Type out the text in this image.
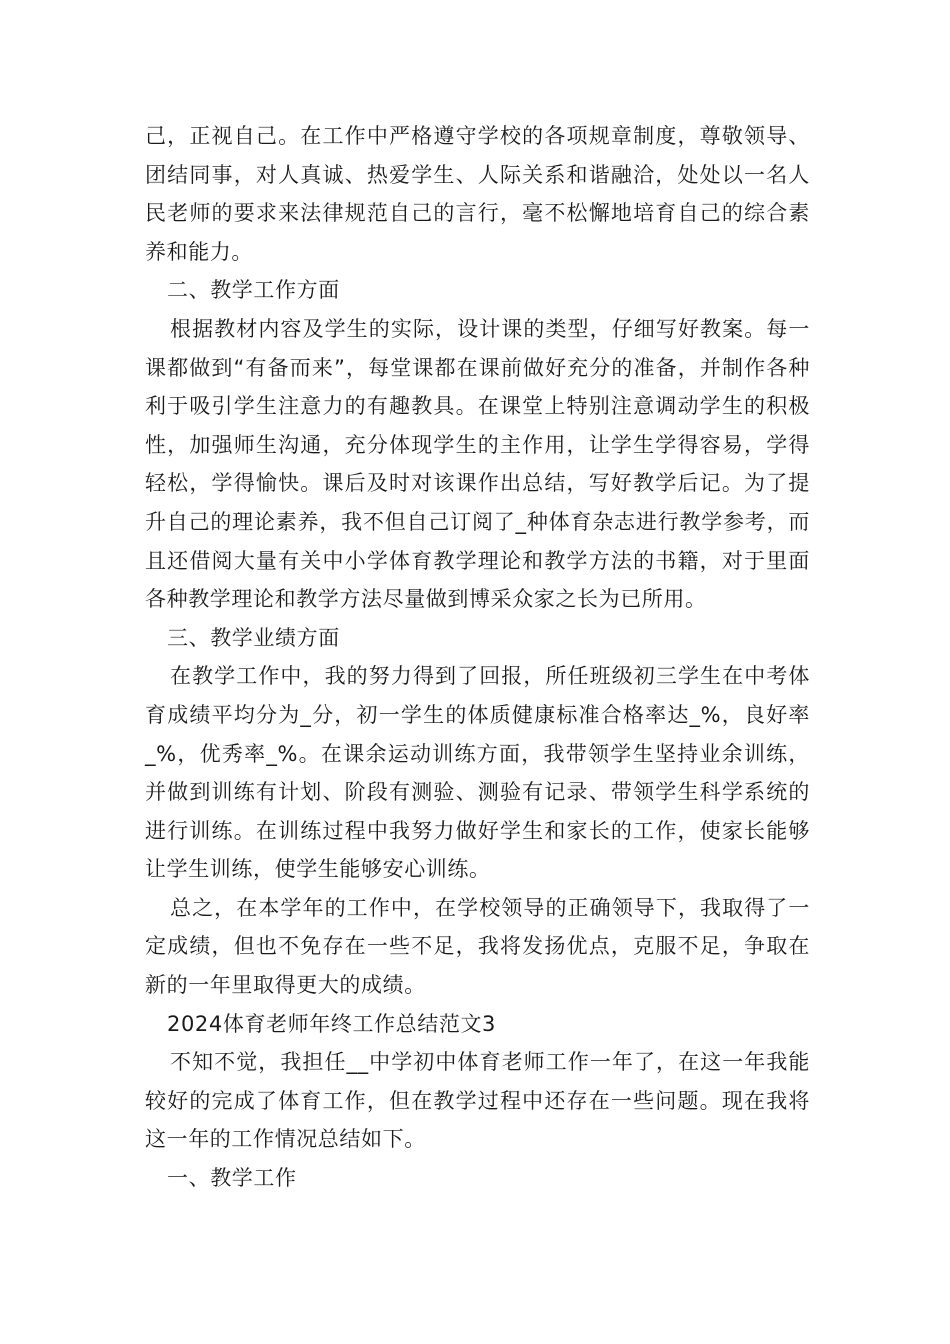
己，正视自己。在工作中严格遵守学校的各项规章制度，尊敬领导、团结同事，对人真诚、热爱学生、人际关系和谐融洽，处处以一名人民老师的要求来法律规范自己的言行，毫不松懈地培育自己的综合素养和能力。

二、教学工作方面

根据教材内容及学生的实际，设计课的类型，仔细写好教案。每一课都做到“有备而来”，每堂课都在课前做好充分的准备，并制作各种利于吸引学生注意力的有趣教具。在课堂上特别注意调动学生的积极性，加强师生沟通，充分体现学生的主作用，让学生学得容易，学得轻松，学得愉快。课后及时对该课作出总结，写好教学后记。为了提升自己的理论素养，我不但自己订阅了_种体育杂志进行教学参考，而且还借阅大量有关中小学体育教学理论和教学方法的书籍，对于里面各种教学理论和教学方法尽量做到博采众家之长为已所用。

三、教学业绩方面

在教学工作中，我的努力得到了回报，所任班级初三学生在中考体育成绩平均分为_分，初一学生的体质健康标准合格率达_%，良好率_%，优秀率_%。在课余运动训练方面，我带领学生坚持业余训练，并做到训练有计划、阶段有测验、测验有记录、带领学生科学系统的进行训练。在训练过程中我努力做好学生和家长的工作，使家长能够让学生训练，使学生能够安心训练。

总之，在本学年的工作中，在学校领导的正确领导下，我取得了一定成绩，但也不免存在一些不足，我将发扬优点，克服不足，争取在新的一年里取得更大的成绩。

2024体育老师年终工作总结范文3

不知不觉，我担任__中学初中体育老师工作一年了，在这一年我能较好的完成了体育工作，但在教学过程中还存在一些问题。现在我将这一年的工作情况总结如下。

一、教学工作
